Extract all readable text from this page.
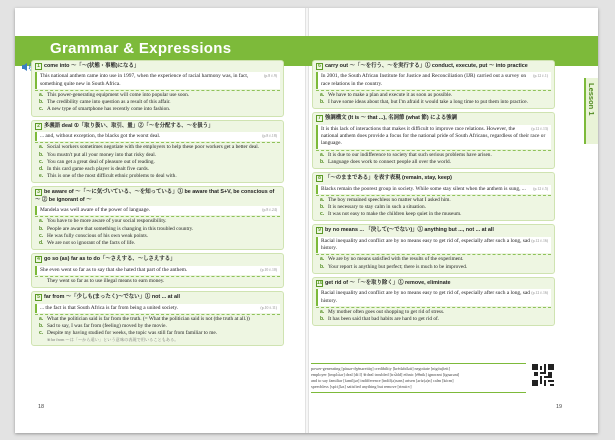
Grammar & Expressions
Lesson 1
1 come into ～「～(状態・事態)になる」
(p.8 ℓ.9)
This national anthem came into use in 1997, when the experience of racial harmony was, in fact, something quite new in South Africa.
a. This power-generating equipment will come into popular use soon.
b. The credibility came into question as a result of this affair.
c. A new type of smartphone has recently come into fashion.
2 多義語 deal ①「取り扱い、取引、量」②「～を分配する、～を扱う」
(p.8 ℓ.18)
... and, without exception, the blacks got the worst deal.
a. Social workers sometimes negotiate with the employers to help these poor workers get a better deal.
b. You mustn't put all your money into that risky deal.
c. You can get a great deal of pleasure out of reading.
d. In this card game each player is dealt five cards.
e. This is one of the most difficult ethnic problems to deal with.
3 be aware of ～「～に気づいている、～を知っている」① be aware that S+V, be conscious of ～ ② be ignorant of ～
(p.8 ℓ.24)
Mandela was well aware of the power of language.
a. You have to be more aware of your social responsibility.
b. People are aware that something is changing in this troubled country.
c. He was fully conscious of his own weak points.
d. We are not so ignorant of the facts of life.
4 go so (as) far as to do「～さえする、～しさえする」
(p.10 ℓ.10)
She even went so far as to say that she hated that part of the anthem.
They went so far as to use illegal means to earn money.
5 far from ～「少しも(まったく)～でない」① not ... at all
(p.10 ℓ.11)
... the fact is that South Africa is far from being a united society.
a. What the politician said is far from the truth. (= What the politician said is not (the truth at all.))
b. Sad to say, I was far from (feeling) moved by the movie.
c. Despite my having studied for weeks, the topic was still far from familiar to me.
※far from ～は「～から遠い」という意味の表現で用いることもある。
6 carry out ～「～を行う、～を実行する」① conduct, execute, put ～ into practice
(p.12 ℓ.1)
In 2001, the South African Institute for Justice and Reconciliation (IJR) carried out a survey on race relations in the country.
a. We have to make a plan and execute it as soon as possible.
b. I have some ideas about that, but I'm afraid it would take a long time to put them into practice.
7 強調構文 (It is ～ that ...), 名詞節 (what 節) による強調
(p.12 ℓ.13)
It is this lack of interactions that makes it difficult to improve race relations. However, the national anthem does provide a focus for the national pride of South Africans, regardless of their race or language.
a. It is due to our indifference to society that such serious problems have arisen.
b. Language does work to connect people all over the world.
8 「～のままである」を表す表現 (remain, stay, keep)
(p.12 ℓ.5)
Blacks remain the poorest group in society. While some stay silent when the anthem is sung, ...
a. The boy remained speechless no matter what I asked him.
b. It is necessary to stay calm in such a situation.
c. It was not easy to make the children keep quiet in the museum.
9 by no means ... 「決して(～でない)」① anything but ..., not ... at all
(p.12 ℓ.16)
Racial inequality and conflict are by no means easy to get rid of, especially after such a long, sad history.
a. We are by no means satisfied with the results of the experiment.
b. Your report is anything but perfect; there is much to be improved.
10 get rid of ～「～を取り除く」① remove, eliminate
(p.12 ℓ.16)
Racial inequality and conflict are by no means easy to get rid of, especially after such a long, sad history.
a. My mother often goes out shopping to get rid of stress.
b. It has been said that bad habits are hard to get rid of.
power-generating [pàuər-dʒénəreitiŋ] credibility [krèdəbíləti] negotiate [nigóuʃieit]
employer [implɔ́iər] deal [díːl] ※deal troubled [trʌ́bld] ethnic [éθnik] ignorant [ígnərənt]
and to say familiar [fəmíljər] indifference [indíf(ə)rəns] arisen [əríz(ə)n] calm [kάːm]
speechless [spíːtʃləs] satisfied anything but remove [rimúːv]
18	19
